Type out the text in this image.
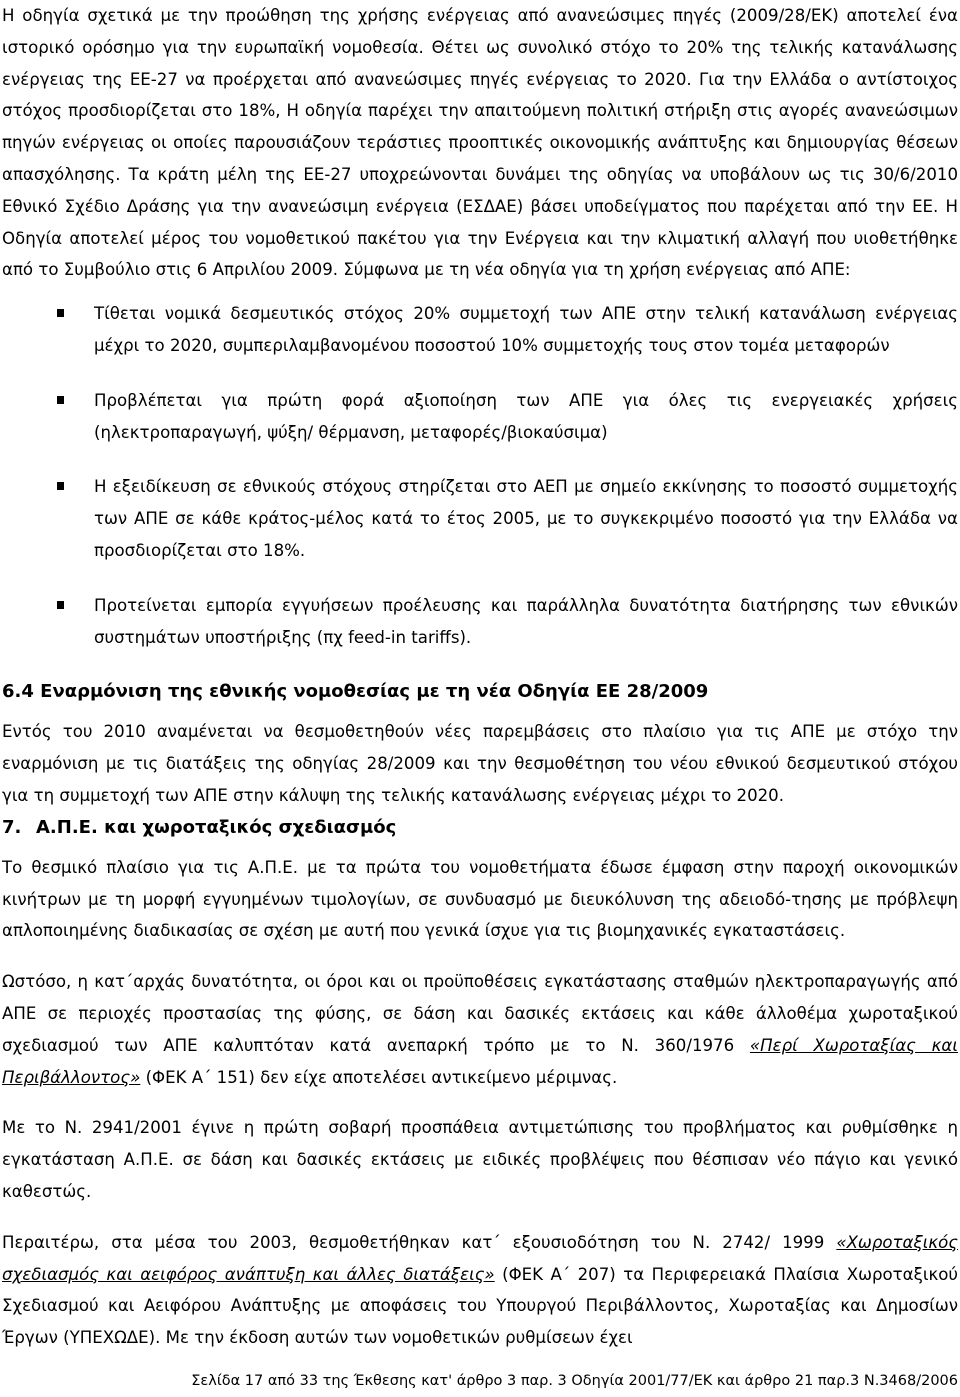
Η οδηγία σχετικά με την προώθηση της χρήσης ενέργειας από ανανεώσιμες πηγές (2009/28/ΕΚ) αποτελεί ένα ιστορικό ορόσημο για την ευρωπαϊκή νομοθεσία. Θέτει ως συνολικό στόχο το 20% της τελικής κατανάλωσης ενέργειας της ΕΕ-27 να προέρχεται από ανανεώσιμες πηγές ενέργειας το 2020. Για την Ελλάδα ο αντίστοιχος στόχος προσδιορίζεται στο 18%, Η οδηγία παρέχει την απαιτούμενη πολιτική στήριξη στις αγορές ανανεώσιμων πηγών ενέργειας οι οποίες παρουσιάζουν τεράστιες προοπτικές οικονομικής ανάπτυξης και δημιουργίας θέσεων απασχόλησης. Τα κράτη μέλη της ΕΕ-27 υποχρεώνονται δυνάμει της οδηγίας να υποβάλουν ως τις 30/6/2010 Εθνικό Σχέδιο Δράσης για την ανανεώσιμη ενέργεια (ΕΣΔΑΕ) βάσει υποδείγματος που παρέχεται από την ΕΕ. Η Οδηγία αποτελεί μέρος του νομοθετικού πακέτου για την Ενέργεια και την κλιματική αλλαγή που υιοθετήθηκε από το Συμβούλιο στις 6 Απριλίου 2009. Σύμφωνα με τη νέα οδηγία για τη χρήση ενέργειας από ΑΠΕ:

Τίθεται νομικά δεσμευτικός στόχος 20% συμμετοχή των ΑΠΕ στην τελική κατανάλωση ενέργειας μέχρι το 2020, συμπεριλαμβανομένου ποσοστού 10% συμμετοχής τους στον τομέα μεταφορών
Προβλέπεται για πρώτη φορά αξιοποίηση των ΑΠΕ για όλες τις ενεργειακές χρήσεις (ηλεκτροπαραγωγή, ψύξη/ θέρμανση, μεταφορές/βιοκαύσιμα)
Η εξειδίκευση σε εθνικούς στόχους στηρίζεται στο ΑΕΠ με σημείο εκκίνησης το ποσοστό συμμετοχής των ΑΠΕ σε κάθε κράτος-μέλος κατά το έτος 2005, με το συγκεκριμένο ποσοστό για την Ελλάδα να προσδιορίζεται στο 18%.
Προτείνεται εμπορία εγγυήσεων προέλευσης και παράλληλα δυνατότητα διατήρησης των εθνικών συστημάτων υποστήριξης (πχ feed-in tariffs).
6.4 Εναρμόνιση της εθνικής νομοθεσίας με τη νέα Οδηγία ΕΕ 28/2009

Εντός του 2010 αναμένεται να θεσμοθετηθούν νέες παρεμβάσεις στο πλαίσιο για τις ΑΠΕ με στόχο την εναρμόνιση με τις διατάξεις της οδηγίας 28/2009 και την θεσμοθέτηση του νέου εθνικού δεσμευτικού στόχου για τη συμμετοχή των ΑΠΕ στην κάλυψη της τελικής κατανάλωσης ενέργειας μέχρι το 2020.

7. Α.Π.Ε. και χωροταξικός σχεδιασμός

Το θεσμικό πλαίσιο για τις Α.Π.Ε. με τα πρώτα του νομοθετήματα έδωσε έμφαση στην παροχή οικονομικών κινήτρων με τη μορφή εγγυημένων τιμολογίων, σε συνδυασμό με διευκόλυνση της αδειοδό-τησης με πρόβλεψη απλοποιημένης διαδικασίας σε σχέση με αυτή που γενικά ίσχυε για τις βιομηχανικές εγκαταστάσεις.

Ωστόσο, η κατ΄αρχάς δυνατότητα, οι όροι και οι προϋποθέσεις εγκατάστασης σταθμών ηλεκτροπαραγωγής από ΑΠΕ σε περιοχές προστασίας της φύσης, σε δάση και δασικές εκτάσεις και κάθε άλλοθέμα χωροταξικού σχεδιασμού των ΑΠΕ καλυπτόταν κατά ανεπαρκή τρόπο με το Ν. 360/1976 «Περί Χωροταξίας και Περιβάλλοντος» (ΦΕΚ Α΄ 151) δεν είχε αποτελέσει αντικείμενο μέριμνας.

Με το Ν. 2941/2001 έγινε η πρώτη σοβαρή προσπάθεια αντιμετώπισης του προβλήματος και ρυθμίσθηκε η εγκατάσταση Α.Π.Ε. σε δάση και δασικές εκτάσεις με ειδικές προβλέψεις που θέσπισαν νέο πάγιο και γενικό καθεστώς.

Περαιτέρω, στα μέσα του 2003, θεσμοθετήθηκαν κατ΄ εξουσιοδότηση του Ν. 2742/ 1999 «Χωροταξικός σχεδιασμός και αειφόρος ανάπτυξη και άλλες διατάξεις» (ΦΕΚ Α΄ 207) τα Περιφερειακά Πλαίσια Χωροταξικού Σχεδιασμού και Αειφόρου Ανάπτυξης με αποφάσεις του Υπουργού Περιβάλλοντος, Χωροταξίας και Δημοσίων Έργων (ΥΠΕΧΩΔΕ). Με την έκδοση αυτών των νομοθετικών ρυθμίσεων έχει

Σελίδα 17 από 33 της Έκθεσης κατ' άρθρο 3 παρ. 3 Οδηγία 2001/77/ΕΚ και άρθρο 21 παρ.3 Ν.3468/2006
